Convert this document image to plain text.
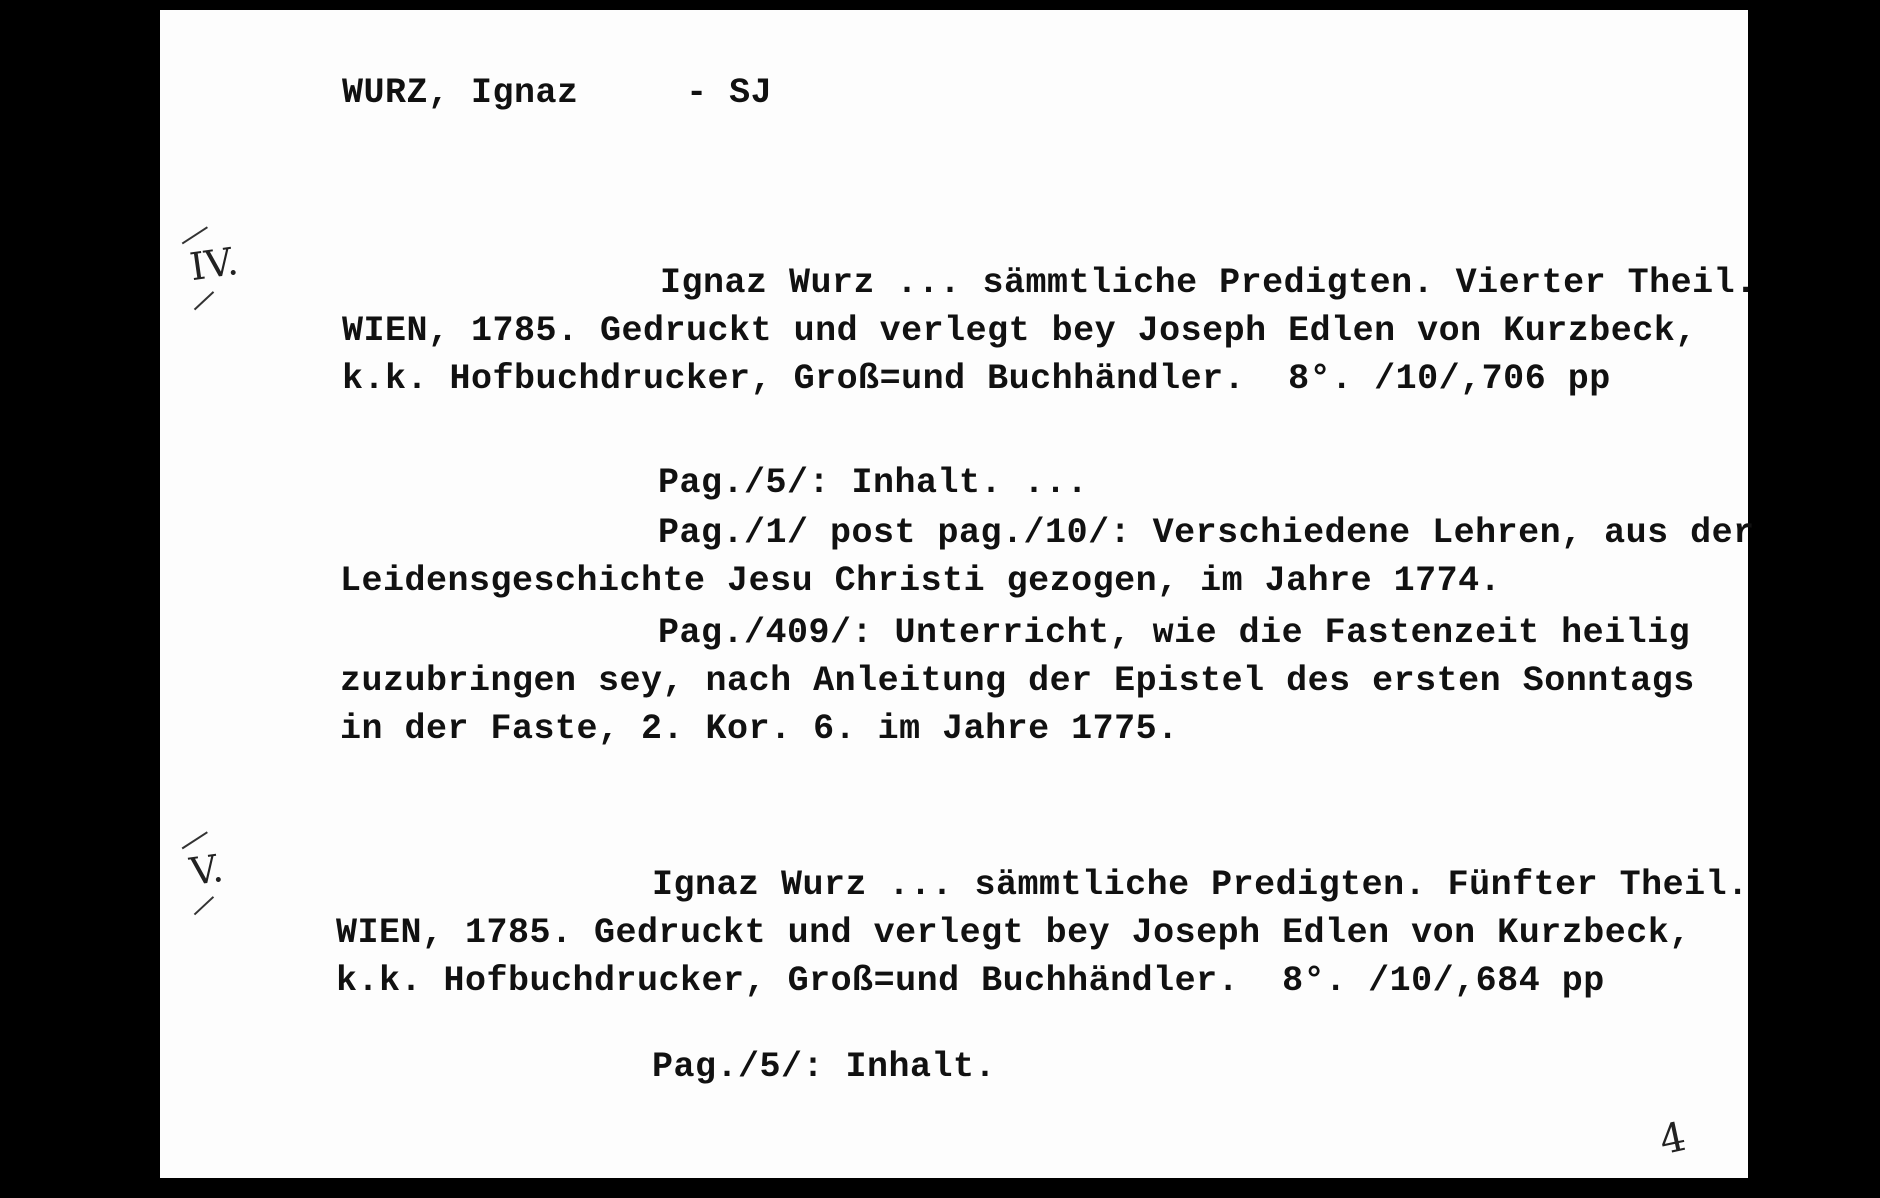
WURZ, Ignaz	- SJ
IV.	Ignaz Wurz ... sämmtliche Predigten. Vierter Theil.
WIEN, 1785. Gedruckt und verlegt bey Joseph Edlen von Kurzbeck,
k.k. Hofbuchdrucker, Groß=und Buchhändler.  8°. /10/,706 pp
Pag./5/: Inhalt. ...
Pag./1/ post pag./10/: Verschiedene Lehren, aus der
Leidensgeschichte Jesu Christi gezogen, im Jahre 1774.
Pag./409/: Unterricht, wie die Fastenzeit heilig
zuzubringen sey, nach Anleitung der Epistel des ersten Sonntags
in der Faste, 2. Kor. 6. im Jahre 1775.
V.	Ignaz Wurz ... sämmtliche Predigten. Fünfter Theil.
WIEN, 1785. Gedruckt und verlegt bey Joseph Edlen von Kurzbeck,
k.k. Hofbuchdrucker, Groß=und Buchhändler.  8°. /10/,684 pp
Pag./5/: Inhalt.
4
